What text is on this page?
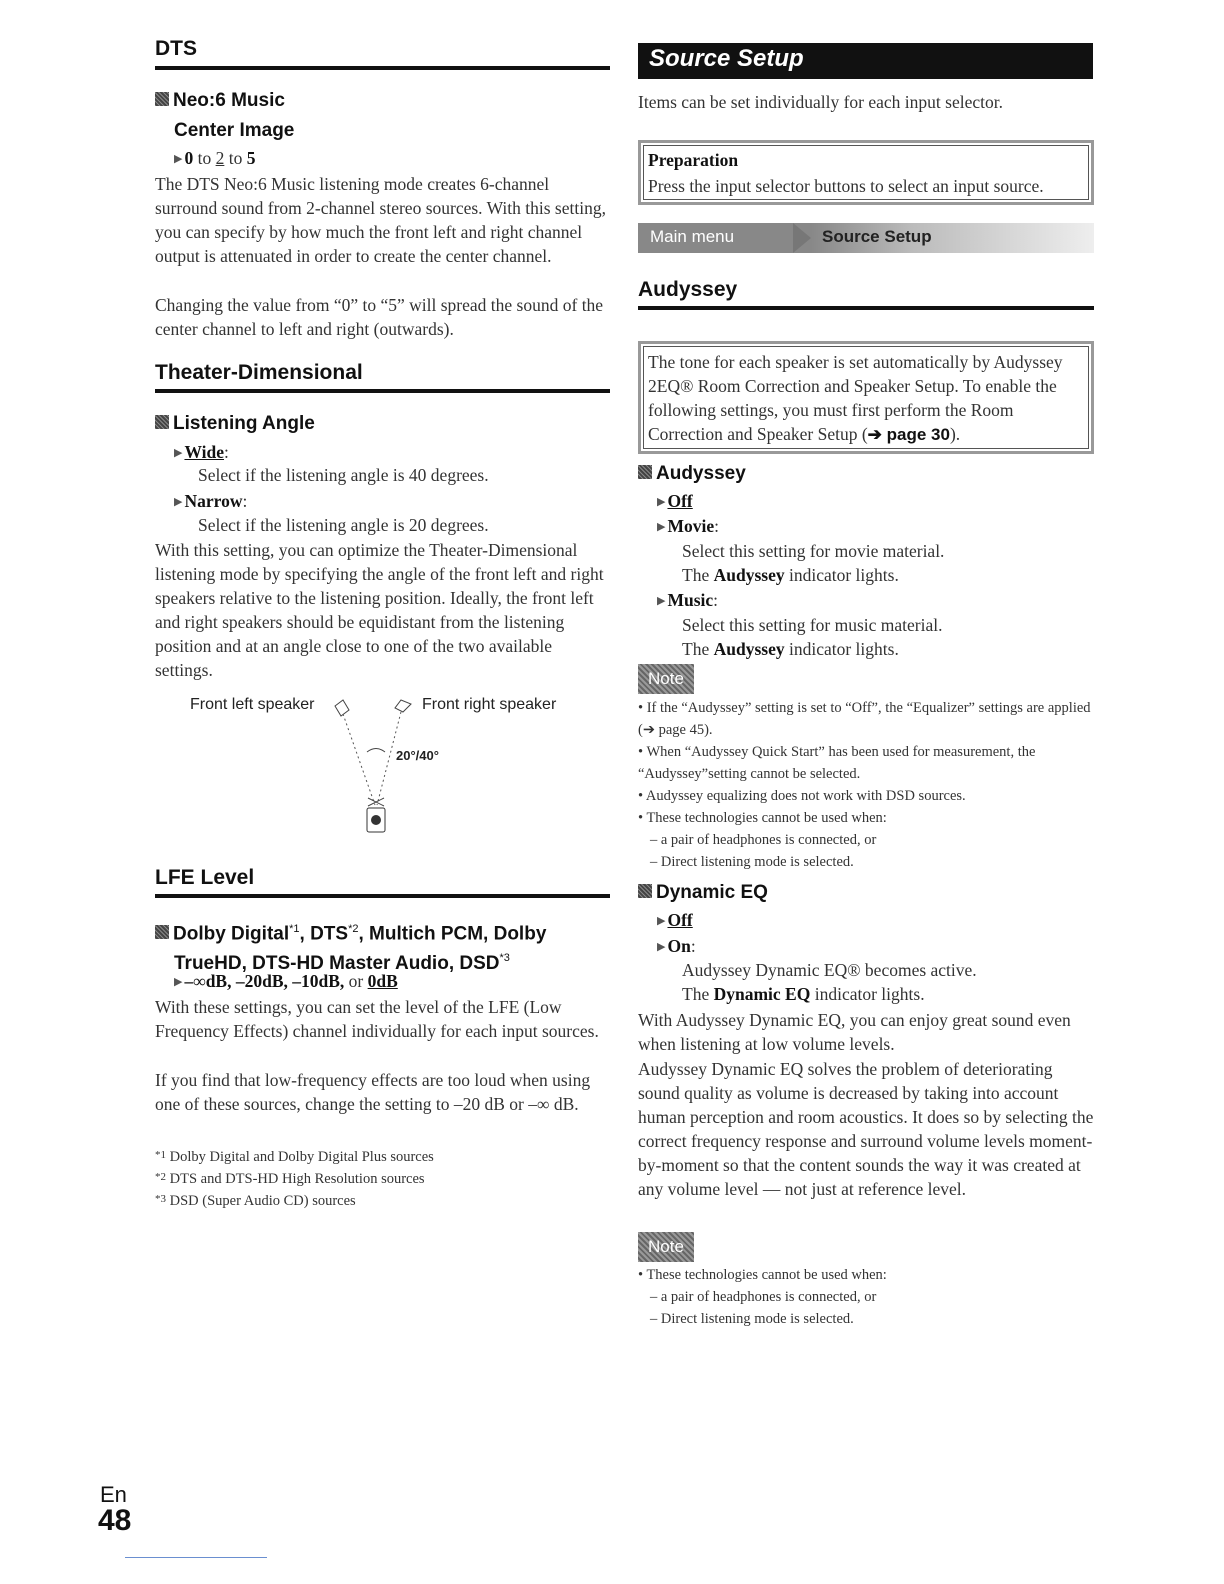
DTS
Neo:6 Music
Center Image
▶ 0 to 2 to 5
The DTS Neo:6 Music listening mode creates 6-channel surround sound from 2-channel stereo sources. With this setting, you can specify by how much the front left and right channel output is attenuated in order to create the center channel.
Changing the value from “0” to “5” will spread the sound of the center channel to left and right (outwards).
Theater-Dimensional
Listening Angle
▶ Wide:
Select if the listening angle is 40 degrees.
▶ Narrow:
Select if the listening angle is 20 degrees.
With this setting, you can optimize the Theater-Dimensional listening mode by specifying the angle of the front left and right speakers relative to the listening position. Ideally, the front left and right speakers should be equidistant from the listening position and at an angle close to one of the two available settings.
Front left speaker	Front right speaker
20°/40°
LFE Level
Dolby Digital$^{*1}$, DTS$^{*2}$, Multich PCM, Dolby
TrueHD, DTS-HD Master Audio, DSD$^{*3}$
▶ –∞dB, –20dB, –10dB, or 0dB
With these settings, you can set the level of the LFE (Low Frequency Effects) channel individually for each input sources.
If you find that low-frequency effects are too loud when using one of these sources, change the setting to –20 dB or –∞ dB.
$^{*1}$ Dolby Digital and Dolby Digital Plus sources
$^{*2}$ DTS and DTS-HD High Resolution sources
$^{*3}$ DSD (Super Audio CD) sources
Source Setup
Items can be set individually for each input selector.
Preparation
Press the input selector buttons to select an input source.
Main menu	Source Setup
Audyssey
The tone for each speaker is set automatically by Audyssey 2EQ® Room Correction and Speaker Setup. To enable the following settings, you must first perform the Room Correction and Speaker Setup (➔ page 30).
Audyssey
▶ Off
▶ Movie:
Select this setting for movie material.
The Audyssey indicator lights.
▶ Music:
Select this setting for music material.
The Audyssey indicator lights.
Note
• If the “Audyssey” setting is set to “Off”, the “Equalizer” settings are applied (➔ page 45).
• When “Audyssey Quick Start” has been used for measurement, the “Audyssey”setting cannot be selected.
• Audyssey equalizing does not work with DSD sources.
• These technologies cannot be used when:
– a pair of headphones is connected, or
– Direct listening mode is selected.
Dynamic EQ
▶ Off
▶ On:
Audyssey Dynamic EQ® becomes active.
The Dynamic EQ indicator lights.
With Audyssey Dynamic EQ, you can enjoy great sound even when listening at low volume levels.
Audyssey Dynamic EQ solves the problem of deteriorating sound quality as volume is decreased by taking into account human perception and room acoustics. It does so by selecting the correct frequency response and surround volume levels moment-by-moment so that the content sounds the way it was created at any volume level — not just at reference level.
Note
• These technologies cannot be used when:
– a pair of headphones is connected, or
– Direct listening mode is selected.
En
48
